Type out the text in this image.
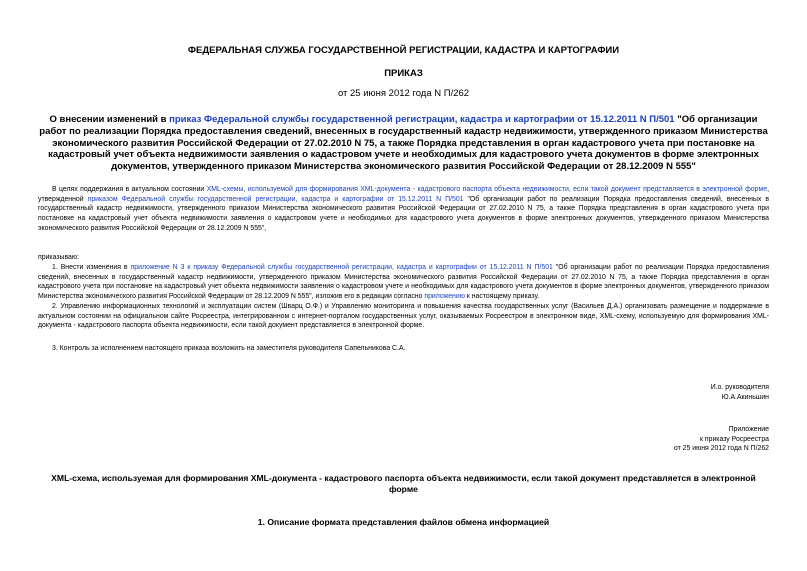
ФЕДЕРАЛЬНАЯ СЛУЖБА ГОСУДАРСТВЕННОЙ РЕГИСТРАЦИИ, КАДАСТРА И КАРТОГРАФИИ
ПРИКАЗ
от 25 июня 2012 года N П/262
О внесении изменений в приказ Федеральной службы государственной регистрации, кадастра и картографии от 15.12.2011 N П/501 "Об организации работ по реализации Порядка предоставления сведений, внесенных в государственный кадастр недвижимости, утвержденного приказом Министерства экономического развития Российской Федерации от 27.02.2010 N 75, а также Порядка представления в орган кадастрового учета при постановке на кадастровый учет объекта недвижимости заявления о кадастровом учете и необходимых для кадастрового учета документов в форме электронных документов, утвержденного приказом Министерства экономического развития Российской Федерации от 28.12.2009 N 555"
В целях поддержания в актуальном состоянии XML-схемы, используемой для формирования XML-документа - кадастрового паспорта объекта недвижимости, если такой документ представляется в электронной форме, утвержденной приказом Федеральной службы государственной регистрации, кадастра и картографии от 15.12.2011 N П/501 "Об организации работ по реализации Порядка предоставления сведений, внесенных в государственный кадастр недвижимости, утвержденного приказом Министерства экономического развития Российской Федерации от 27.02.2010 N 75, а также Порядка представления в орган кадастрового учета при постановке на кадастровый учет объекта недвижимости заявления о кадастровом учете и необходимых для кадастрового учета документов в форме электронных документов, утвержденного приказом Министерства экономического развития Российской Федерации от 28.12.2009 N 555",
приказываю:
1. Внести изменения в приложение N 3 к приказу Федеральной службы государственной регистрации, кадастра и картографии от 15.12.2011 N П/501 "Об организации работ по реализации Порядка предоставления сведений, внесенных в государственный кадастр недвижимости, утвержденного приказом Министерства экономического развития Российской Федерации от 27.02.2010 N 75, а также Порядка представления в орган кадастрового учета при постановке на кадастровый учет объекта недвижимости заявления о кадастровом учете и необходимых для кадастрового учета документов в форме электронных документов, утвержденного приказом Министерства экономического развития Российской Федерации от 28.12.2009 N 555", изложив его в редакции согласно приложению к настоящему приказу.
2. Управлению информационных технологий и эксплуатации систем (Шварц О.Ф.) и Управлению мониторинга и повышения качества государственных услуг (Васильев Д.А.) организовать размещение и поддержание в актуальном состоянии на официальном сайте Росреестра, интегрированном с интернет-порталом государственных услуг, оказываемых Росреестром в электронном виде, XML-схему, используемую для формирования XML-документа - кадастрового паспорта объекта недвижимости, если такой документ представляется в электронной форме.
3. Контроль за исполнением настоящего приказа возложить на заместителя руководителя Сапельникова С.А.
И.о. руководителя
Ю.А.Акиньшин
Приложение
к приказу Росреестра
от 25 июня 2012 года N П/262
XML-схема, используемая для формирования XML-документа - кадастрового паспорта объекта недвижимости, если такой документ представляется в электронной форме
1. Описание формата представления файлов обмена информацией
